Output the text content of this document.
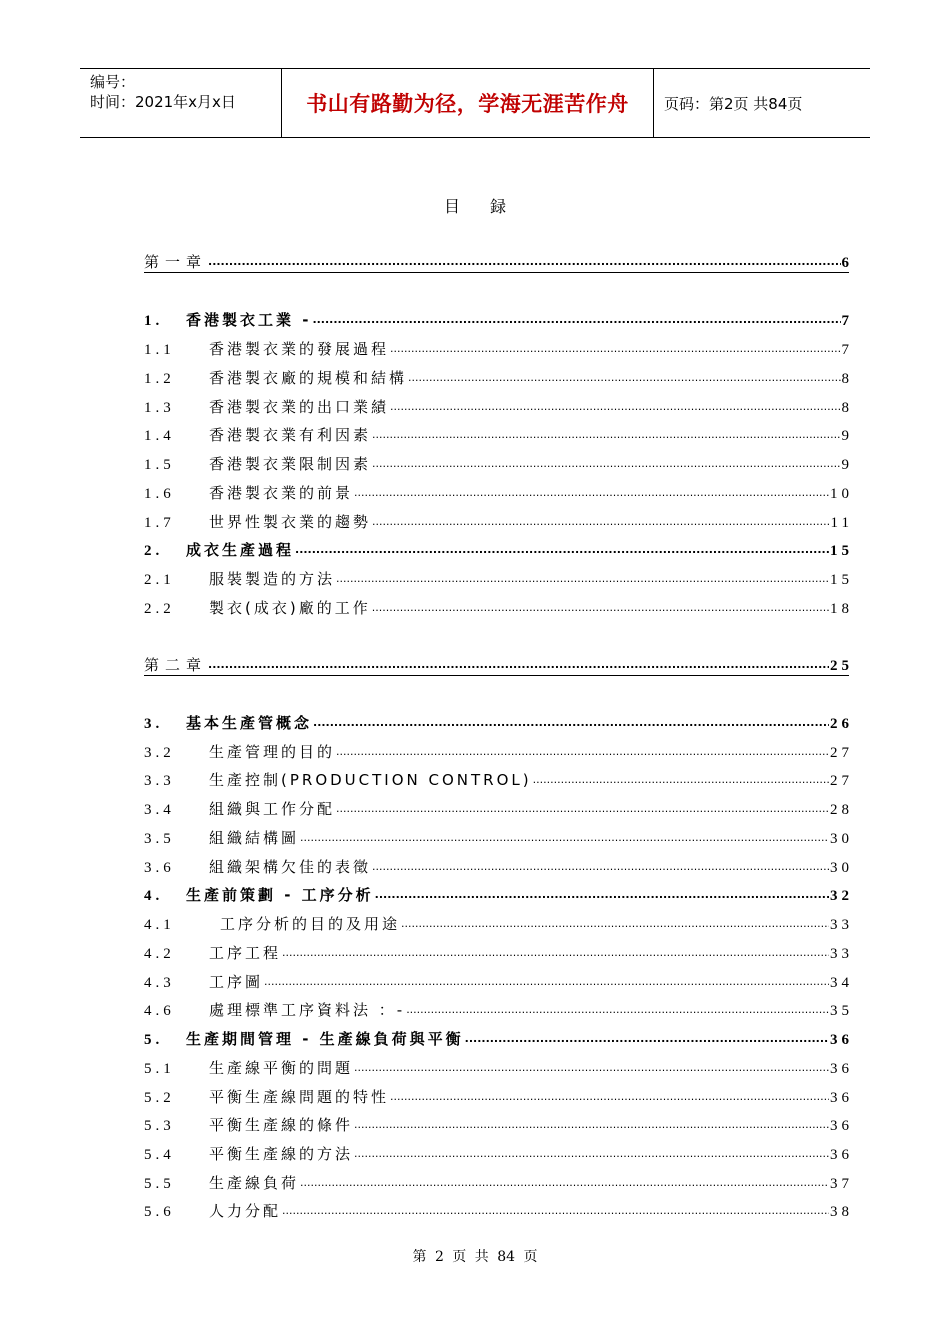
编号：
时间：2021年x月x日	书山有路勤为径，学海无涯苦作舟	页码：第2页 共84页
目録
第一章 .....	6
1.	香港製衣工業 - .....	7
1.1	香港製衣業的發展過程 .....	7
1.2	香港製衣廠的規模和結構 .....	8
1.3	香港製衣業的出口業績 .....	8
1.4	香港製衣業有利因素 .....	9
1.5	香港製衣業限制因素 .....	9
1.6	香港製衣業的前景 .....	10
1.7	世界性製衣業的趨勢 .....	11
2.	成衣生產過程 .....	15
2.1	服裝製造的方法 .....	15
2.2	製衣(成衣)廠的工作 .....	18
第二章 .....	25
3.	基本生產管概念 .....	26
3.2	生產管理的目的 .....	27
3.3	生產控制(PRODUCTION CONTROL) .....	27
3.4	組織與工作分配 .....	28
3.5	組織結構圖 .....	30
3.6	組織架構欠佳的表徵 .....	30
4.	生產前策劃 - 工序分析 .....	32
4.1	工序分析的目的及用途 .....	33
4.2	工序工程 .....	33
4.3	工序圖 .....	34
4.6	處理標準工序資料法 ：- .....	35
5.	生產期間管理 - 生產線負荷與平衡 .....	36
5.1	生產線平衡的問題 .....	36
5.2	平衡生產線問題的特性 .....	36
5.3	平衡生產線的條件 .....	36
5.4	平衡生產線的方法 .....	36
5.5	生產線負荷 .....	37
5.6	人力分配 .....	38
第 2 页 共 84 页
